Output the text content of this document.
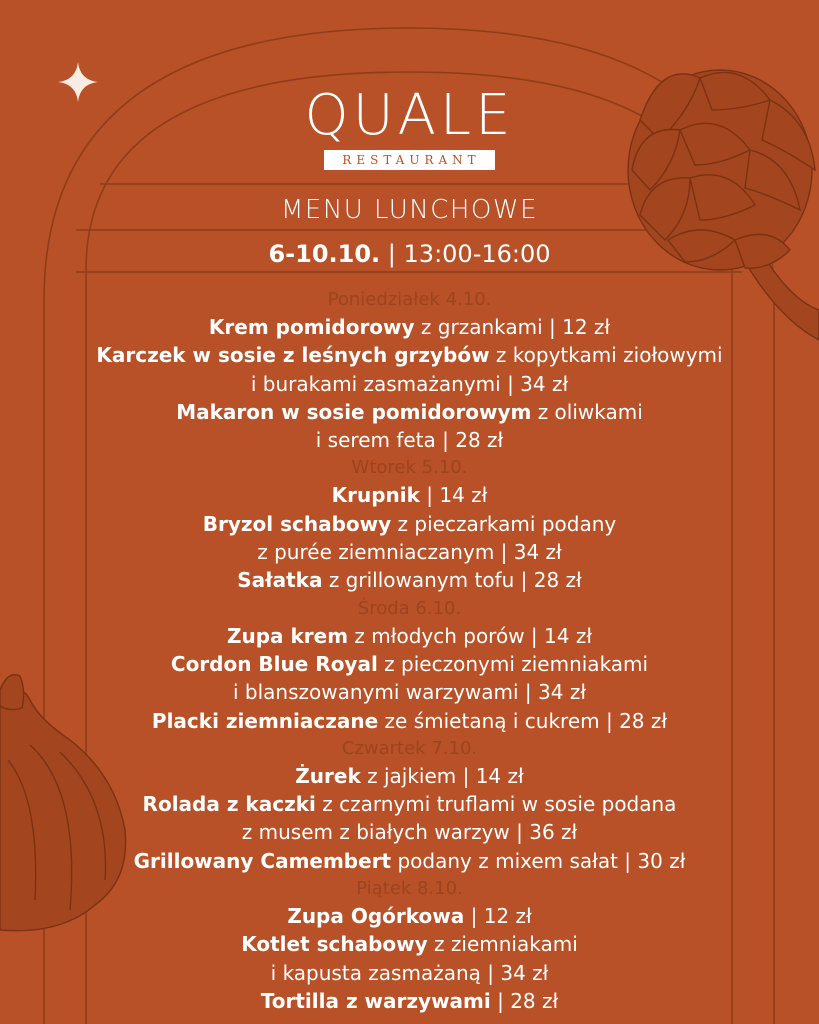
QUALE
RESTAURANT
MENU LUNCHOWE
6-10.10. | 13:00-16:00
Poniedziałek 4.10.
Krem pomidorowy z grzankami | 12 zł
Karczek w sosie z leśnych grzybów z kopytkami ziołowymi
i burakami zasmażanymi | 34 zł
Makaron w sosie pomidorowym z oliwkami
i serem feta | 28 zł
Wtorek 5.10.
Krupnik | 14 zł
Bryzol schabowy z pieczarkami podany
z purée ziemniaczanym | 34 zł
Sałatka z grillowanym tofu | 28 zł
Środa 6.10.
Zupa krem z młodych porów | 14 zł
Cordon Blue Royal z pieczonymi ziemniakami
i blanszowanymi warzywami | 34 zł
Placki ziemniaczane ze śmietaną i cukrem | 28 zł
Czwartek 7.10.
Żurek z jajkiem | 14 zł
Rolada z kaczki z czarnymi truflami w sosie podana
z musem z białych warzyw | 36 zł
Grillowany Camembert podany z mixem sałat | 30 zł
Piątek 8.10.
Zupa Ogórkowa | 12 zł
Kotlet schabowy z ziemniakami
i kapusta zasmażaną | 34 zł
Tortilla z warzywami | 28 zł
